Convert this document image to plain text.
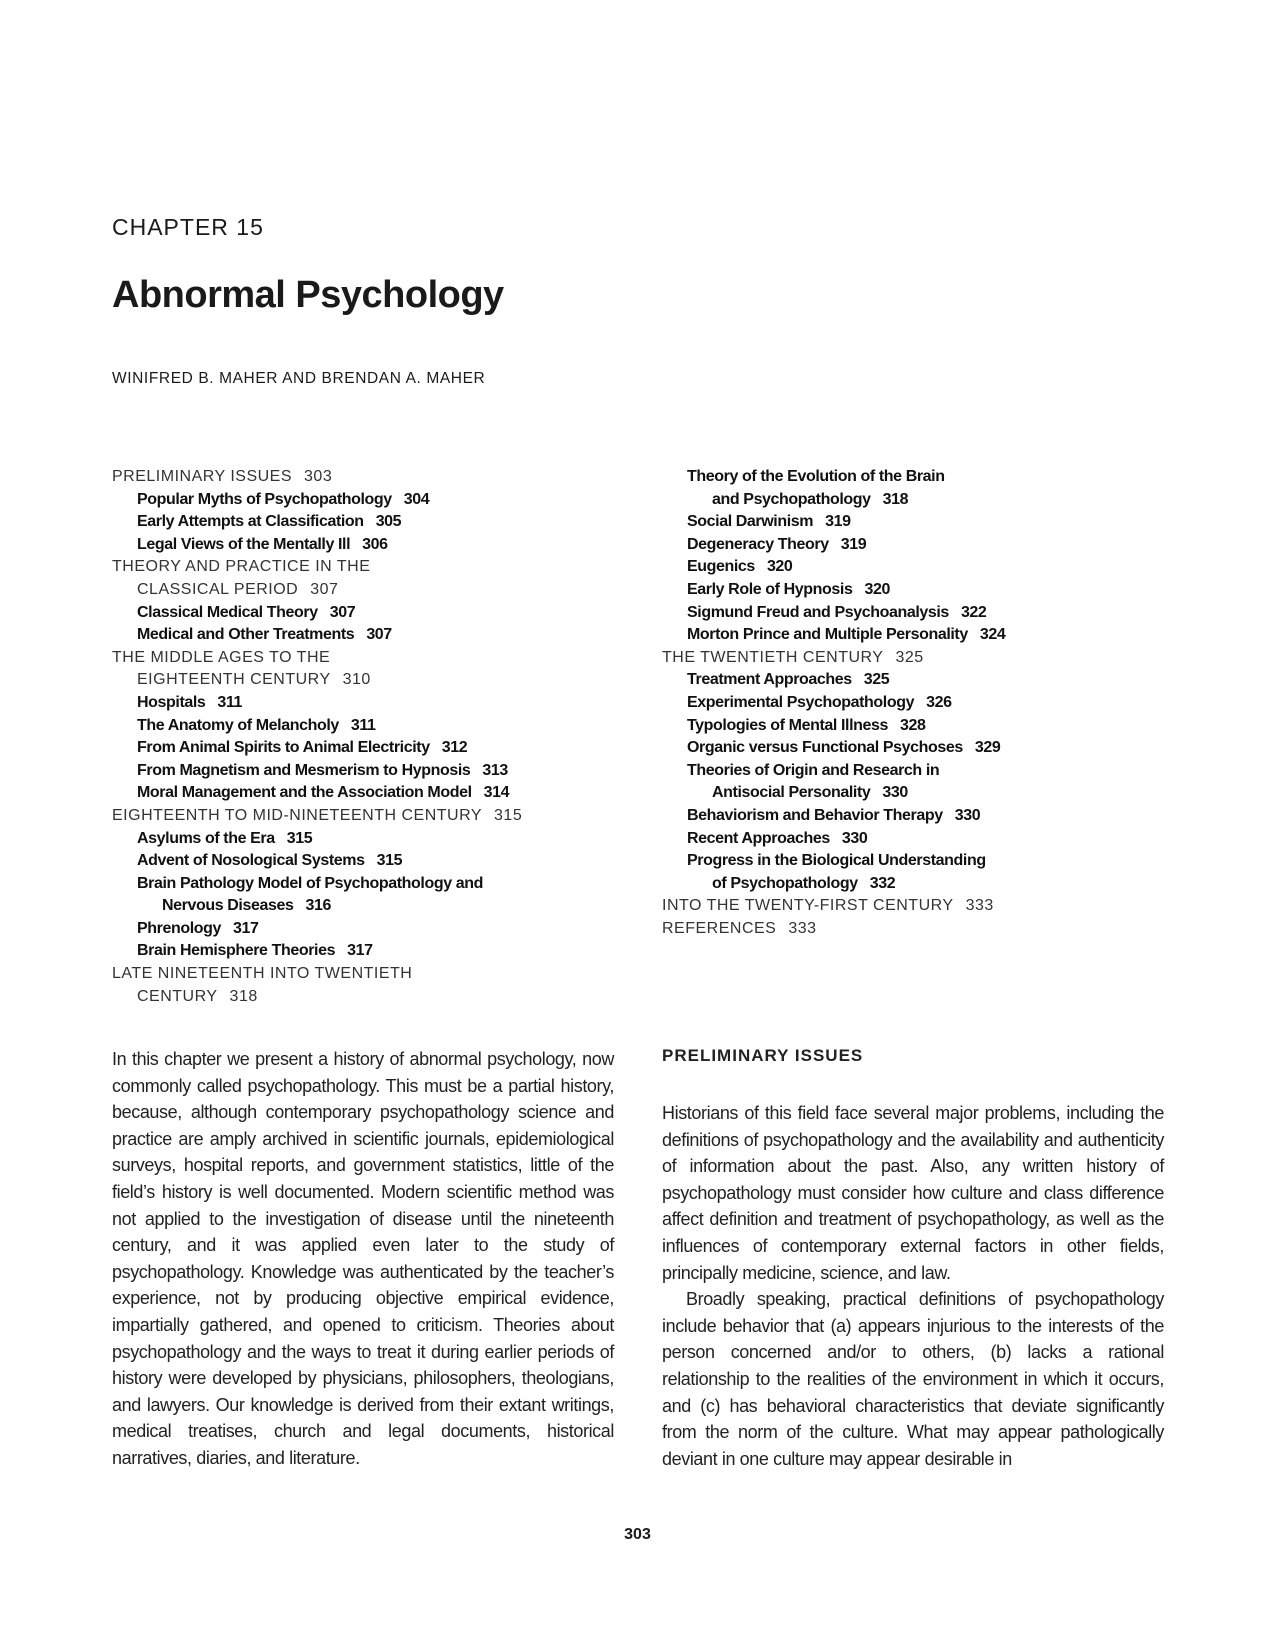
CHAPTER 15
Abnormal Psychology
WINIFRED B. MAHER AND BRENDAN A. MAHER
PRELIMINARY ISSUES 303
Popular Myths of Psychopathology 304
Early Attempts at Classification 305
Legal Views of the Mentally Ill 306
THEORY AND PRACTICE IN THE
CLASSICAL PERIOD 307
Classical Medical Theory 307
Medical and Other Treatments 307
THE MIDDLE AGES TO THE
EIGHTEENTH CENTURY 310
Hospitals 311
The Anatomy of Melancholy 311
From Animal Spirits to Animal Electricity 312
From Magnetism and Mesmerism to Hypnosis 313
Moral Management and the Association Model 314
EIGHTEENTH TO MID-NINETEENTH CENTURY 315
Asylums of the Era 315
Advent of Nosological Systems 315
Brain Pathology Model of Psychopathology and
Nervous Diseases 316
Phrenology 317
Brain Hemisphere Theories 317
LATE NINETEENTH INTO TWENTIETH
CENTURY 318
Theory of the Evolution of the Brain
and Psychopathology 318
Social Darwinism 319
Degeneracy Theory 319
Eugenics 320
Early Role of Hypnosis 320
Sigmund Freud and Psychoanalysis 322
Morton Prince and Multiple Personality 324
THE TWENTIETH CENTURY 325
Treatment Approaches 325
Experimental Psychopathology 326
Typologies of Mental Illness 328
Organic versus Functional Psychoses 329
Theories of Origin and Research in
Antisocial Personality 330
Behaviorism and Behavior Therapy 330
Recent Approaches 330
Progress in the Biological Understanding
of Psychopathology 332
INTO THE TWENTY-FIRST CENTURY 333
REFERENCES 333

In this chapter we present a history of abnormal psychology, now commonly called psychopathology. This must be a partial history, because, although contemporary psychopathology science and practice are amply archived in scientific journals, epidemiological surveys, hospital reports, and government statistics, little of the field’s history is well documented. Modern scientific method was not applied to the investigation of disease until the nineteenth century, and it was applied even later to the study of psychopathology. Knowledge was authenticated by the teacher’s experience, not by producing objective empirical evidence, impartially gathered, and opened to criticism. Theories about psychopathology and the ways to treat it during earlier periods of history were developed by physicians, philosophers, theologians, and lawyers. Our knowledge is derived from their extant writings, medical treatises, church and legal documents, historical narratives, diaries, and literature.

PRELIMINARY ISSUES

Historians of this field face several major problems, including the definitions of psychopathology and the availability and authenticity of information about the past. Also, any written history of psychopathology must consider how culture and class difference affect definition and treatment of psychopathology, as well as the influences of contemporary external factors in other fields, principally medicine, science, and law.

Broadly speaking, practical definitions of psychopathology include behavior that (a) appears injurious to the interests of the person concerned and/or to others, (b) lacks a rational relationship to the realities of the environment in which it occurs, and (c) has behavioral characteristics that deviate significantly from the norm of the culture. What may appear pathologically deviant in one culture may appear desirable in

303
